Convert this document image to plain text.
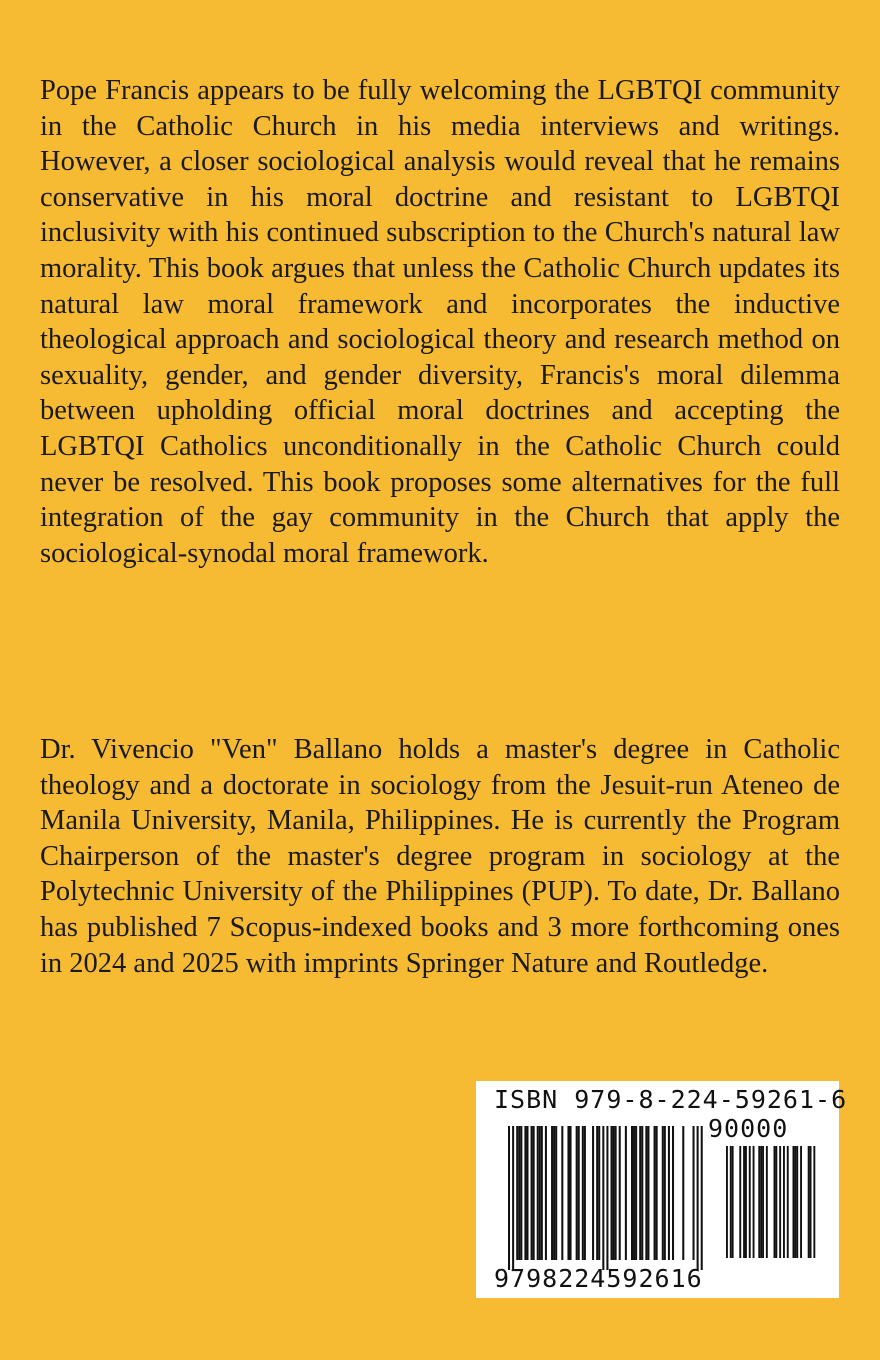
Pope Francis appears to be fully welcoming the LGBTQI community in the Catholic Church in his media interviews and writings. However, a closer sociological analysis would reveal that he remains conservative in his moral doctrine and resistant to LGBTQI inclusivity with his continued subscription to the Church's natural law morality. This book argues that unless the Catholic Church updates its natural law moral framework and incorporates the inductive theological approach and sociological theory and research method on sexuality, gender, and gender diversity, Francis's moral dilemma between upholding official moral doctrines and accepting the LGBTQI Catholics unconditionally in the Catholic Church could never be resolved. This book proposes some alternatives for the full integration of the gay community in the Church that apply the sociological-synodal moral framework.

Dr. Vivencio "Ven" Ballano holds a master's degree in Catholic theology and a doctorate in sociology from the Jesuit-run Ateneo de Manila University, Manila, Philippines. He is currently the Program Chairperson of the master's degree program in sociology at the Polytechnic University of the Philippines (PUP). To date, Dr. Ballano has published 7 Scopus-indexed books and 3 more forthcoming ones in 2024 and 2025 with imprints Springer Nature and Routledge.

ISBN 979-8-224-59261-6
90000
9798224592616
